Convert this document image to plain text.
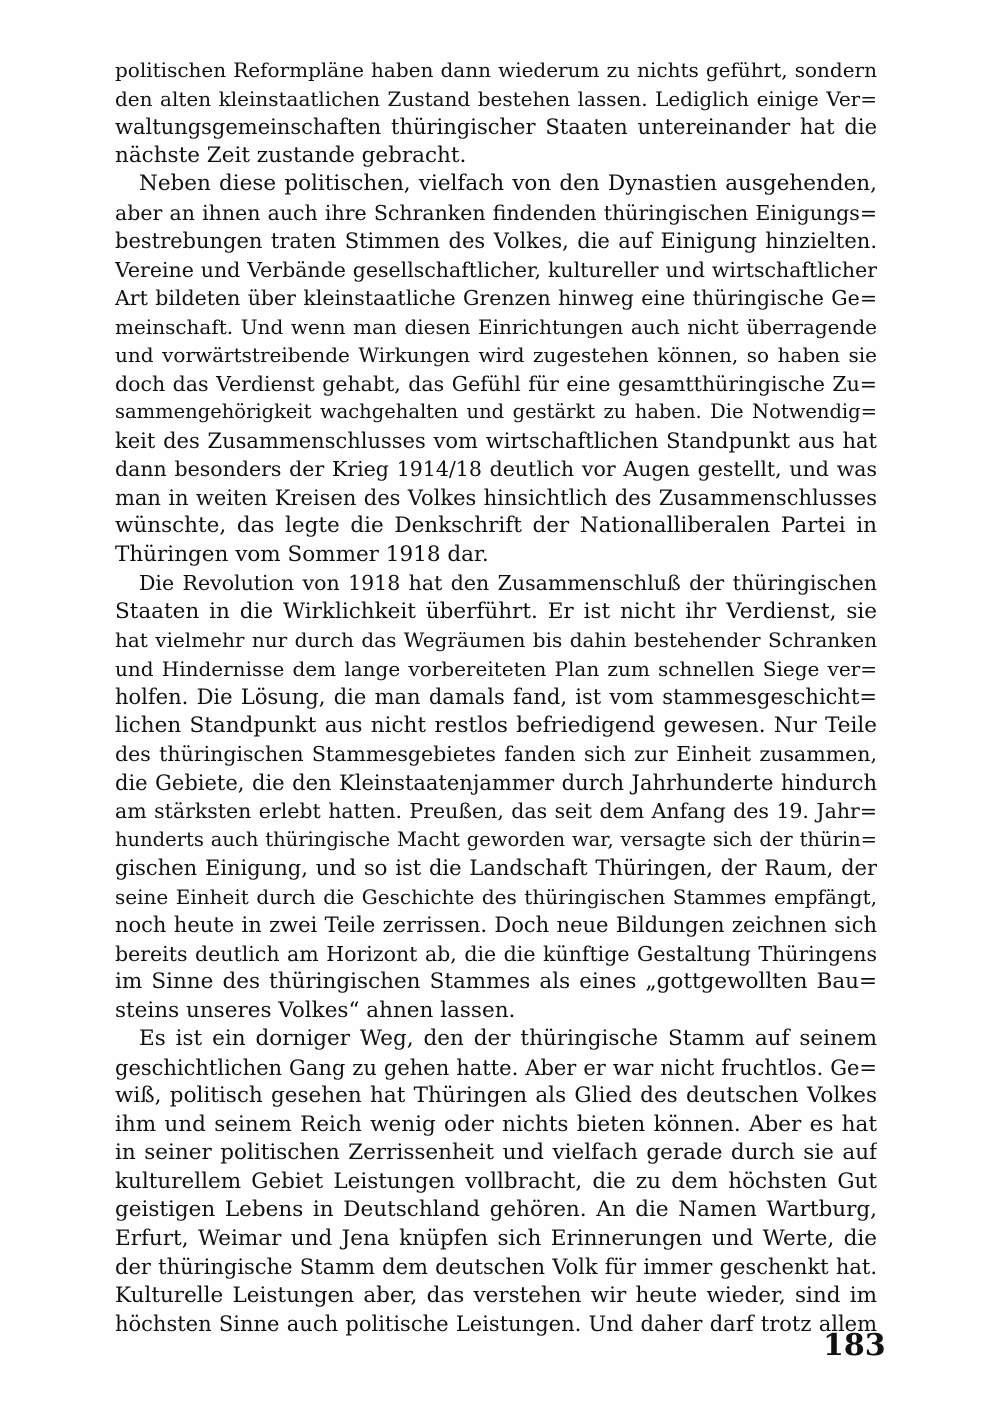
politischen Reformpläne haben dann wiederum zu nichts geführt, sondern
den alten kleinstaatlichen Zustand bestehen lassen. Lediglich einige Ver=
waltungsgemeinschaften thüringischer Staaten untereinander hat die
nächste Zeit zustande gebracht.
Neben diese politischen, vielfach von den Dynastien ausgehenden,
aber an ihnen auch ihre Schranken findenden thüringischen Einigungs=
bestrebungen traten Stimmen des Volkes, die auf Einigung hinzielten.
Vereine und Verbände gesellschaftlicher, kultureller und wirtschaftlicher
Art bildeten über kleinstaatliche Grenzen hinweg eine thüringische Ge=
meinschaft. Und wenn man diesen Einrichtungen auch nicht überragende
und vorwärtstreibende Wirkungen wird zugestehen können, so haben sie
doch das Verdienst gehabt, das Gefühl für eine gesamtthüringische Zu=
sammengehörigkeit wachgehalten und gestärkt zu haben. Die Notwendig=
keit des Zusammenschlusses vom wirtschaftlichen Standpunkt aus hat
dann besonders der Krieg 1914/18 deutlich vor Augen gestellt, und was
man in weiten Kreisen des Volkes hinsichtlich des Zusammenschlusses
wünschte, das legte die Denkschrift der Nationalliberalen Partei in
Thüringen vom Sommer 1918 dar.
Die Revolution von 1918 hat den Zusammenschluß der thüringischen
Staaten in die Wirklichkeit überführt. Er ist nicht ihr Verdienst, sie
hat vielmehr nur durch das Wegräumen bis dahin bestehender Schranken
und Hindernisse dem lange vorbereiteten Plan zum schnellen Siege ver=
holfen. Die Lösung, die man damals fand, ist vom stammesgeschicht=
lichen Standpunkt aus nicht restlos befriedigend gewesen. Nur Teile
des thüringischen Stammesgebietes fanden sich zur Einheit zusammen,
die Gebiete, die den Kleinstaatenjammer durch Jahrhunderte hindurch
am stärksten erlebt hatten. Preußen, das seit dem Anfang des 19. Jahr=
hunderts auch thüringische Macht geworden war, versagte sich der thürin=
gischen Einigung, und so ist die Landschaft Thüringen, der Raum, der
seine Einheit durch die Geschichte des thüringischen Stammes empfängt,
noch heute in zwei Teile zerrissen. Doch neue Bildungen zeichnen sich
bereits deutlich am Horizont ab, die die künftige Gestaltung Thüringens
im Sinne des thüringischen Stammes als eines „gottgewollten Bau=
steins unseres Volkes“ ahnen lassen.
Es ist ein dorniger Weg, den der thüringische Stamm auf seinem
geschichtlichen Gang zu gehen hatte. Aber er war nicht fruchtlos. Ge=
wiß, politisch gesehen hat Thüringen als Glied des deutschen Volkes
ihm und seinem Reich wenig oder nichts bieten können. Aber es hat
in seiner politischen Zerrissenheit und vielfach gerade durch sie auf
kulturellem Gebiet Leistungen vollbracht, die zu dem höchsten Gut
geistigen Lebens in Deutschland gehören. An die Namen Wartburg,
Erfurt, Weimar und Jena knüpfen sich Erinnerungen und Werte, die
der thüringische Stamm dem deutschen Volk für immer geschenkt hat.
Kulturelle Leistungen aber, das verstehen wir heute wieder, sind im
höchsten Sinne auch politische Leistungen. Und daher darf trotz allem
183
